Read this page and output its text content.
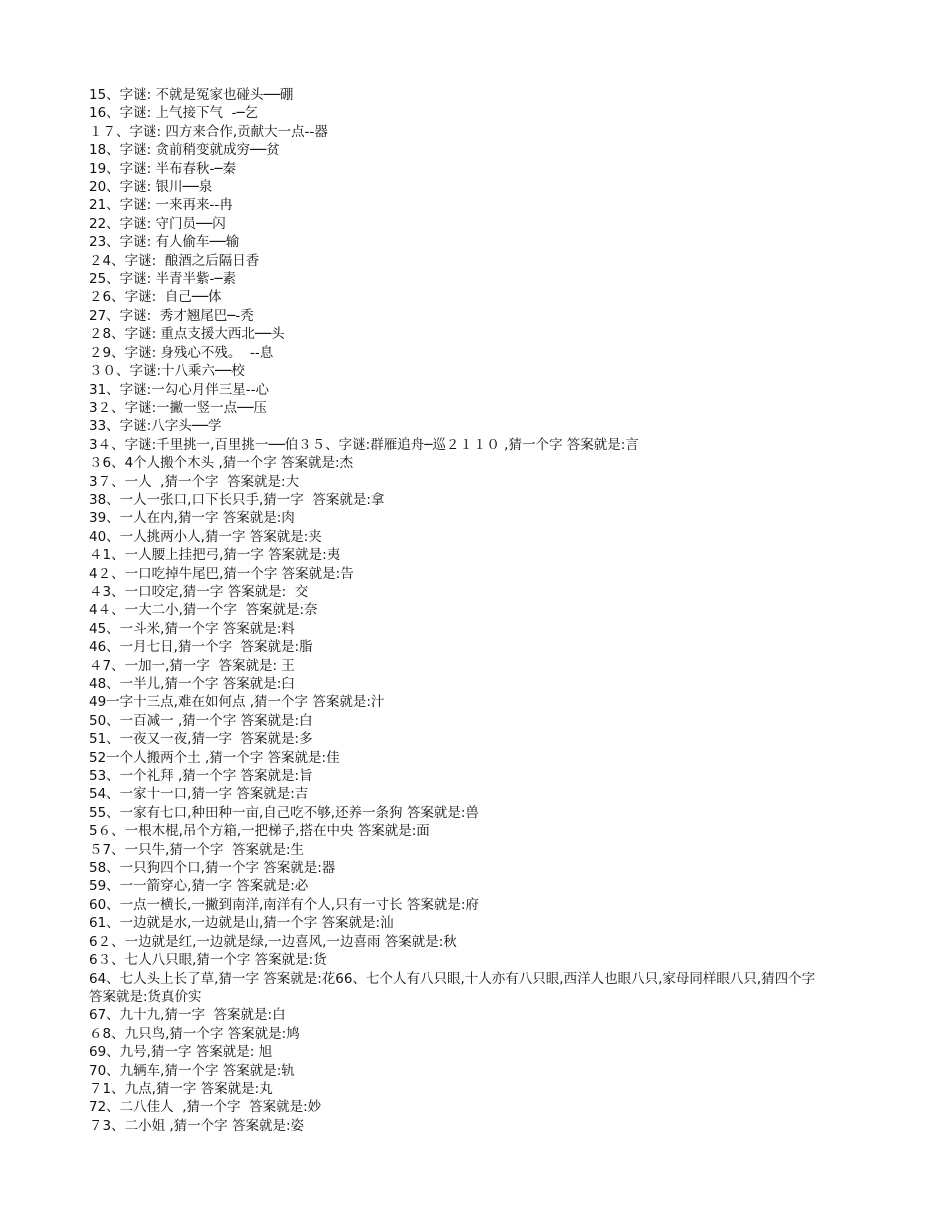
15、字谜: 不就是冤家也碰头──硼
16、字谜: 上气接下气  -─乞
１７、字谜: 四方来合作,贡献大一点--器
18、字谜: 贪前稍变就成穷──贫
19、字谜: 半布春秋-─秦
20、字谜: 银川──泉
21、字谜: 一来再来--冉
22、字谜: 守门员──闪
23、字谜: 有人偷车──输
２4、字谜:  酿酒之后隔日香
25、字谜: 半青半紫-─素
２6、字谜:  自己──体
27、字谜:  秀才翘尾巴─-秃
２8、字谜: 重点支援大西北──头
２9、字谜: 身残心不残。  --息
３０、字谜:十八乘六──校
31、字谜:一勾心月伴三星--心
3２、字谜:一撇一竖一点──压
33、字谜:八字头──学
3４、字谜:千里挑一,百里挑一──伯３５、字谜:群雁追舟─巡２１１０ ,猜一个字 答案就是:言
３6、4个人搬个木头 ,猜一个字 答案就是:杰
3７、一人  ,猜一个字  答案就是:大
38、一人一张口,口下长只手,猜一字  答案就是:拿
39、一人在内,猜一字 答案就是:肉
40、一人挑两小人,猜一字 答案就是:夹
４1、一人腰上挂把弓,猜一字 答案就是:夷
4２、一口吃掉牛尾巴,猜一个字 答案就是:告
４3、一口咬定,猜一字 答案就是:  交
4４、一大二小,猜一个字  答案就是:奈
45、一斗米,猜一个字 答案就是:料
46、一月七日,猜一个字  答案就是:脂
４7、一加一,猜一字  答案就是: 王
48、一半儿,猜一个字 答案就是:臼
49一字十三点,难在如何点 ,猜一个字 答案就是:汁
50、一百减一 ,猜一个字 答案就是:白
51、一夜又一夜,猜一字  答案就是:多
52一个人搬两个土 ,猜一个字 答案就是:佳
53、一个礼拜 ,猜一个字 答案就是:旨
54、一家十一口,猜一字 答案就是:吉
55、一家有七口,种田种一亩,自己吃不够,还养一条狗 答案就是:兽
5６、一根木棍,吊个方箱,一把梯子,搭在中央 答案就是:面
５7、一只牛,猜一个字  答案就是:生
58、一只狗四个口,猜一个字 答案就是:器
59、一一箭穿心,猜一字 答案就是:必
60、一点一横长,一撇到南洋,南洋有个人,只有一寸长 答案就是:府
61、一边就是水,一边就是山,猜一个字 答案就是:汕
6２、一边就是红,一边就是绿,一边喜风,一边喜雨 答案就是:秋
6３、七人八只眼,猜一个字 答案就是:货
64、七人头上长了草,猜一字 答案就是:花66、七个人有八只眼,十人亦有八只眼,西洋人也眼八只,家母同样眼八只,猜四个字 答案就是:货真价实
67、九十九,猜一字  答案就是:白
６8、九只鸟,猜一个字 答案就是:鸠
69、九号,猜一字 答案就是: 旭
70、九辆车,猜一个字 答案就是:轨
７1、九点,猜一字 答案就是:丸
72、二八佳人  ,猜一个字  答案就是:妙
７3、二小姐 ,猜一个字 答案就是:姿
